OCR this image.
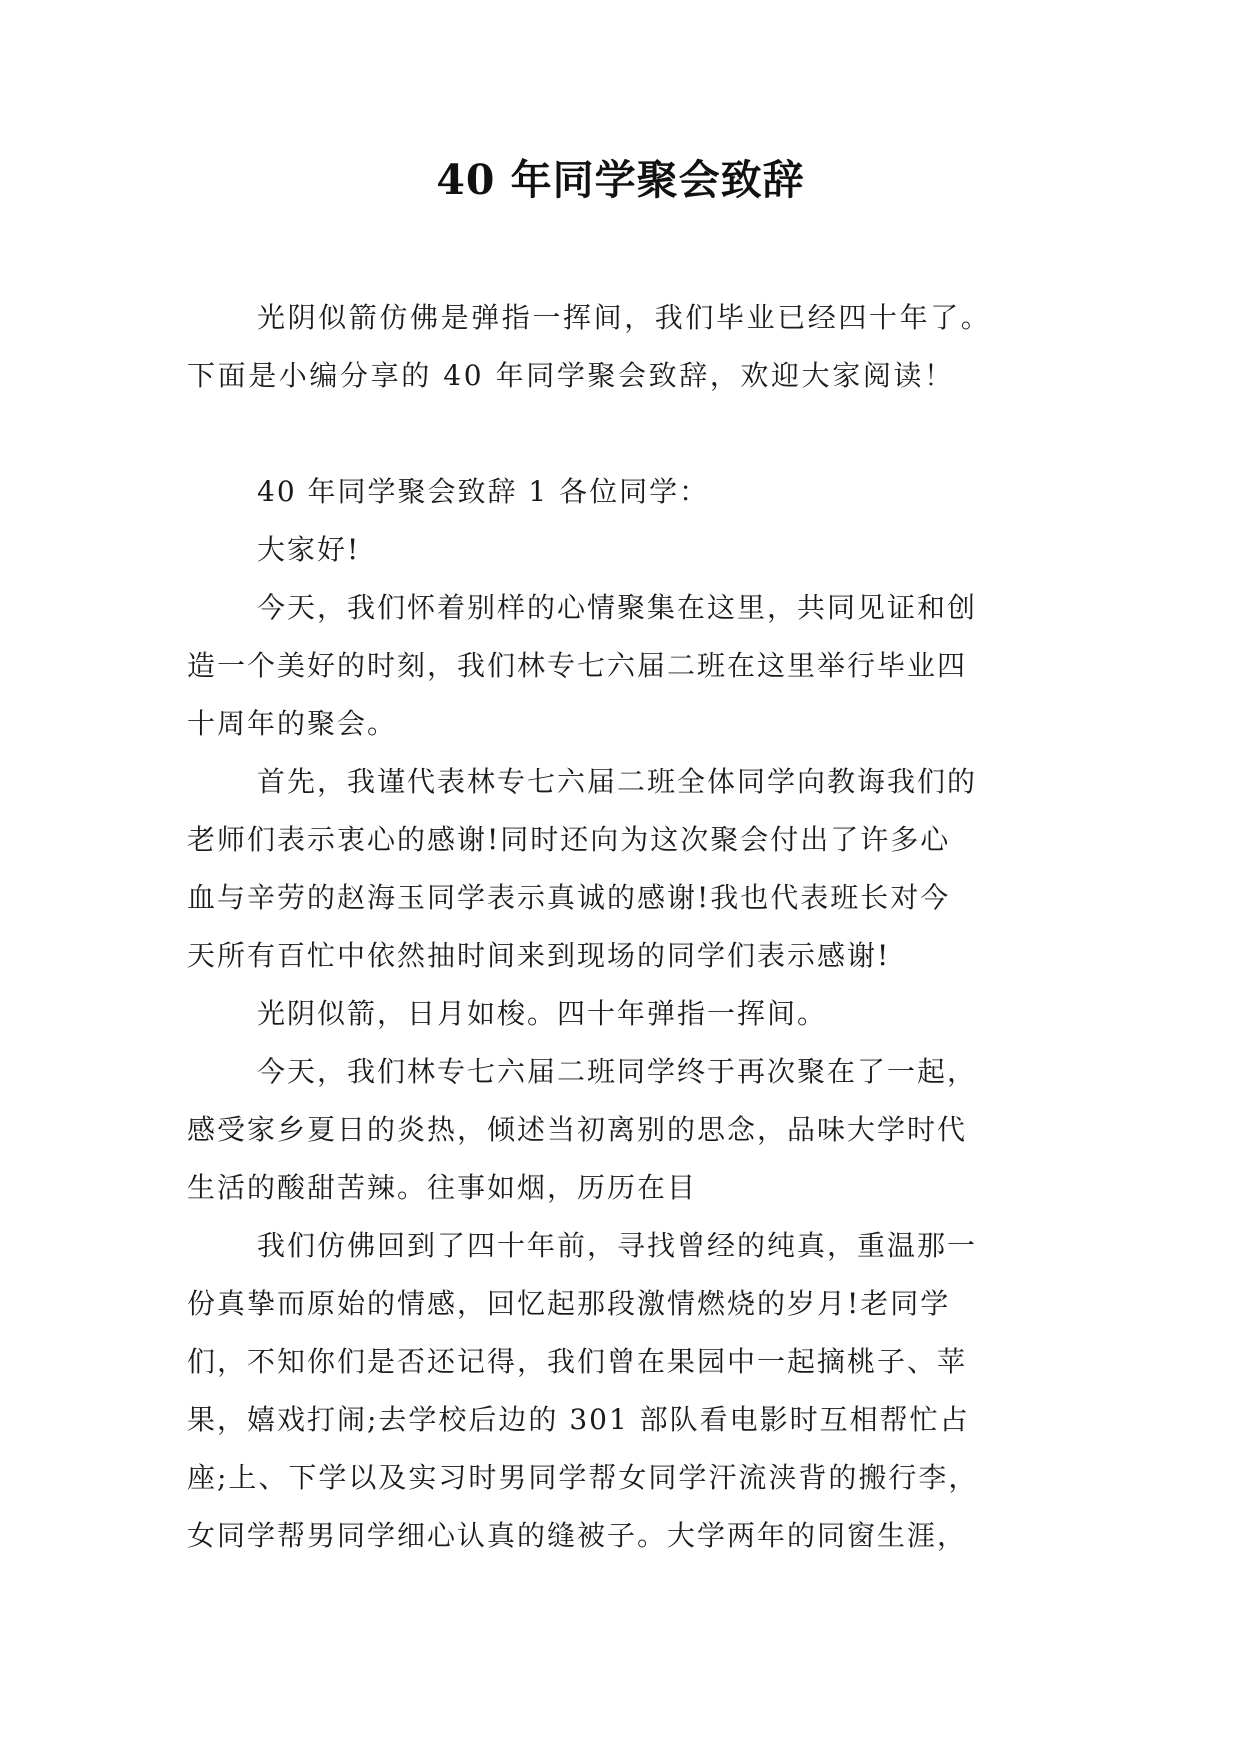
40 年同学聚会致辞
光阴似箭仿佛是弹指一挥间，我们毕业已经四十年了。
下面是小编分享的 40 年同学聚会致辞，欢迎大家阅读！
40 年同学聚会致辞 1 各位同学：
大家好!
今天，我们怀着别样的心情聚集在这里，共同见证和创
造一个美好的时刻，我们林专七六届二班在这里举行毕业四
十周年的聚会。
首先，我谨代表林专七六届二班全体同学向教诲我们的
老师们表示衷心的感谢!同时还向为这次聚会付出了许多心
血与辛劳的赵海玉同学表示真诚的感谢!我也代表班长对今
天所有百忙中依然抽时间来到现场的同学们表示感谢!
光阴似箭，日月如梭。四十年弹指一挥间。
今天，我们林专七六届二班同学终于再次聚在了一起，
感受家乡夏日的炎热，倾述当初离别的思念，品味大学时代
生活的酸甜苦辣。往事如烟，历历在目
我们仿佛回到了四十年前，寻找曾经的纯真，重温那一
份真挚而原始的情感，回忆起那段激情燃烧的岁月!老同学
们，不知你们是否还记得，我们曾在果园中一起摘桃子、苹
果，嬉戏打闹;去学校后边的 301 部队看电影时互相帮忙占
座;上、下学以及实习时男同学帮女同学汗流浃背的搬行李，
女同学帮男同学细心认真的缝被子。大学两年的同窗生涯，
